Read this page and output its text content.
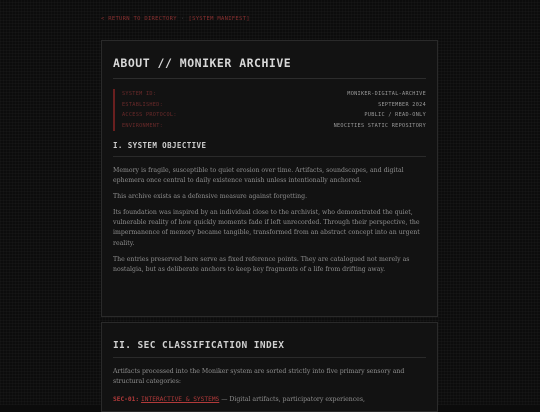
< RETURN TO DIRECTORY · [SYSTEM MANIFEST]
ABOUT // MONIKER ARCHIVE
SYSTEM ID:	MONIKER-DIGITAL-ARCHIVE
ESTABLISHED:	SEPTEMBER 2024
ACCESS PROTOCOL:	PUBLIC / READ-ONLY
ENVIRONMENT:	NEOCITIES STATIC REPOSITORY
I. SYSTEM OBJECTIVE

Memory is fragile, susceptible to quiet erosion over time. Artifacts, soundscapes, and digital ephemera once central to daily existence vanish unless intentionally anchored.

This archive exists as a defensive measure against forgetting.

Its foundation was inspired by an individual close to the archivist, who demonstrated the quiet, vulnerable reality of how quickly moments fade if left unrecorded. Through their perspective, the impermanence of memory became tangible, transformed from an abstract concept into an urgent reality.

The entries preserved here serve as fixed reference points. They are catalogued not merely as nostalgia, but as deliberate anchors to keep key fragments of a life from drifting away.

II. SEC CLASSIFICATION INDEX

Artifacts processed into the Moniker system are sorted strictly into five primary sensory and structural categories:

SEC-01: INTERACTIVE & SYSTEMS — Digital artifacts, participatory experiences,
